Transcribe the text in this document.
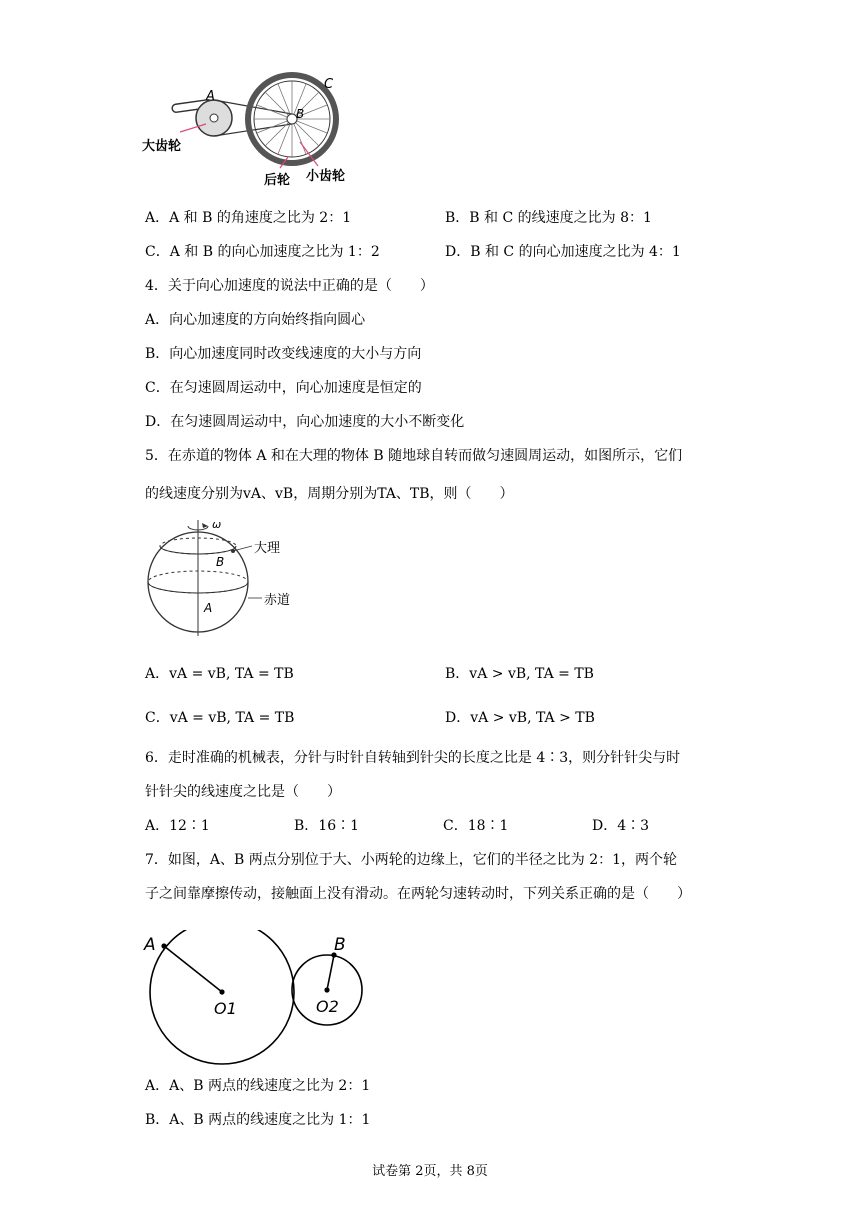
A
B
C
大齿轮
后轮 小齿轮
A．A 和 B 的角速度之比为 2：1	B．B 和 C 的线速度之比为 8：1
C．A 和 B 的向心加速度之比为 1：2	D．B 和 C 的向心加速度之比为 4：1
4．关于向心加速度的说法中正确的是（　　）
A．向心加速度的方向始终指向圆心
B．向心加速度同时改变线速度的大小与方向
C．在匀速圆周运动中，向心加速度是恒定的
D．在匀速圆周运动中，向心加速度的大小不断变化
5．在赤道的物体 A 和在大理的物体 B 随地球自转而做匀速圆周运动，如图所示，它们
的线速度分别为vA、vB，周期分别为TA、TB，则（　　）
ω
B
大理
赤道
A
A．vA = vB, TA = TB	B．vA > vB, TA = TB
C．vA = vB, TA = TB	D．vA > vB, TA > TB
6．走时准确的机械表，分针与时针自转轴到针尖的长度之比是 4∶3，则分针针尖与时
针针尖的线速度之比是（　　）
A．12∶1	B．16∶1	C．18∶1	D．4∶3
7．如图，A、B 两点分别位于大、小两轮的边缘上，它们的半径之比为 2：1，两个轮
子之间靠摩擦传动，接触面上没有滑动。在两轮匀速转动时，下列关系正确的是（　　）
A	B
O1	O2
A．A、B 两点的线速度之比为 2：1
B．A、B 两点的线速度之比为 1：1
试卷第 2页，共 8页
